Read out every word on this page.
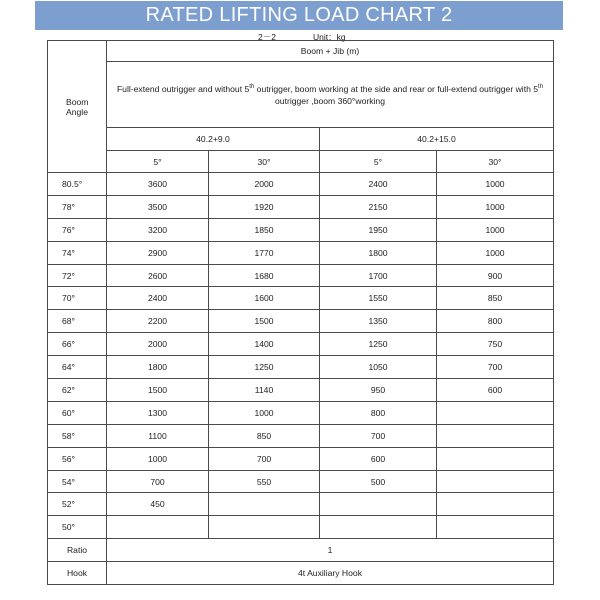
RATED LIFTING LOAD CHART 2
2－2	Unit：kg
Boom
Angle	Boom + Jib (m)			
	Full-extend outrigger and without 5th outrigger, boom working at the side and rear or full-extend outrigger with 5th outrigger ,boom 360°working			
	40.2+9.0		40.2+15.0	
	5°	30°	5°	30°
80.5°	3600	2000	2400	1000
78°	3500	1920	2150	1000
76°	3200	1850	1950	1000
74°	2900	1770	1800	1000
72°	2600	1680	1700	900
70°	2400	1600	1550	850
68°	2200	1500	1350	800
66°	2000	1400	1250	750
64°	1800	1250	1050	700
62°	1500	1140	950	600
60°	1300	1000	800	
58°	1100	850	700	
56°	1000	700	600	
54°	700	550	500	
52°	450			
50°				
Ratio	1			
Hook	4t Auxiliary Hook			
